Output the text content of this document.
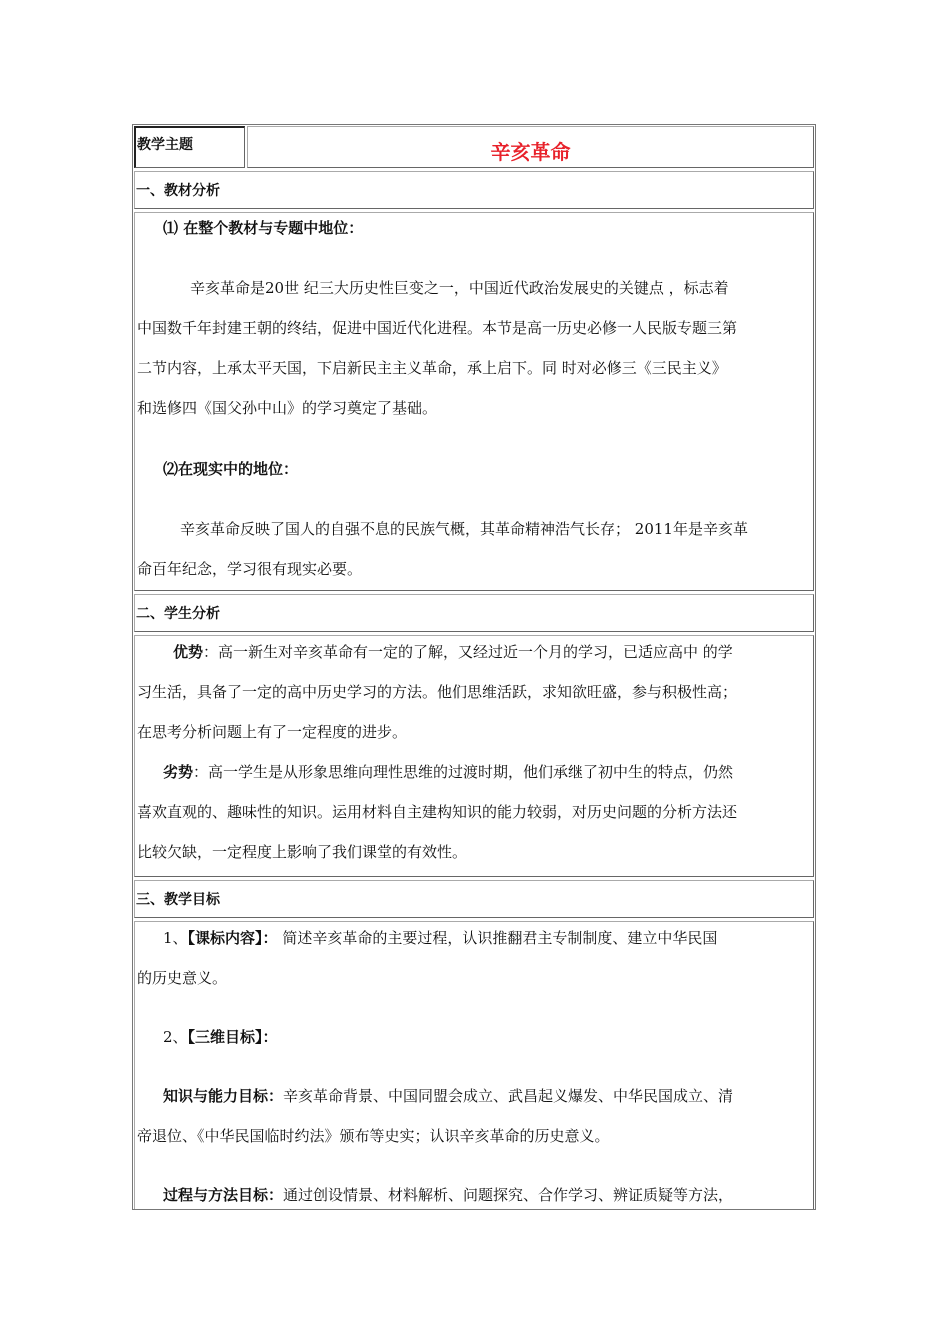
教学主题	辛亥革命
一、教材分析
⑴ 在整个教材与专题中地位：
辛亥革命是20世 纪三大历史性巨变之一，中国近代政治发展史的关键点 ，标志着
中国数千年封建王朝的终结，促进中国近代化进程。本节是高一历史必修一人民版专题三第
二节内容，上承太平天国，下启新民主主义革命，承上启下。同 时对必修三《三民主义》
和选修四《国父孙中山》的学习奠定了基础。
⑵在现实中的地位：
辛亥革命反映了国人的自强不息的民族气概，其革命精神浩气长存； 2011年是辛亥革
命百年纪念，学习很有现实必要。
二、学生分析
优势：高一新生对辛亥革命有一定的了解，又经过近一个月的学习，已适应高中 的学
习生活，具备了一定的高中历史学习的方法。他们思维活跃，求知欲旺盛，参与积极性高；
在思考分析问题上有了一定程度的进步。
劣势：高一学生是从形象思维向理性思维的过渡时期，他们承继了初中生的特点，仍然
喜欢直观的、趣味性的知识。运用材料自主建构知识的能力较弱，对历史问题的分析方法还
比较欠缺，一定程度上影响了我们课堂的有效性。
三、教学目标
1、【课标内容】： 简述辛亥革命的主要过程，认识推翻君主专制制度、建立中华民国
的历史意义。
2、【三维目标】：
知识与能力目标：辛亥革命背景、中国同盟会成立、武昌起义爆发、中华民国成立、清
帝退位、《中华民国临时约法》颁布等史实；认识辛亥革命的历史意义。
过程与方法目标：通过创设情景、材料解析、问题探究、合作学习、辨证质疑等方法，
